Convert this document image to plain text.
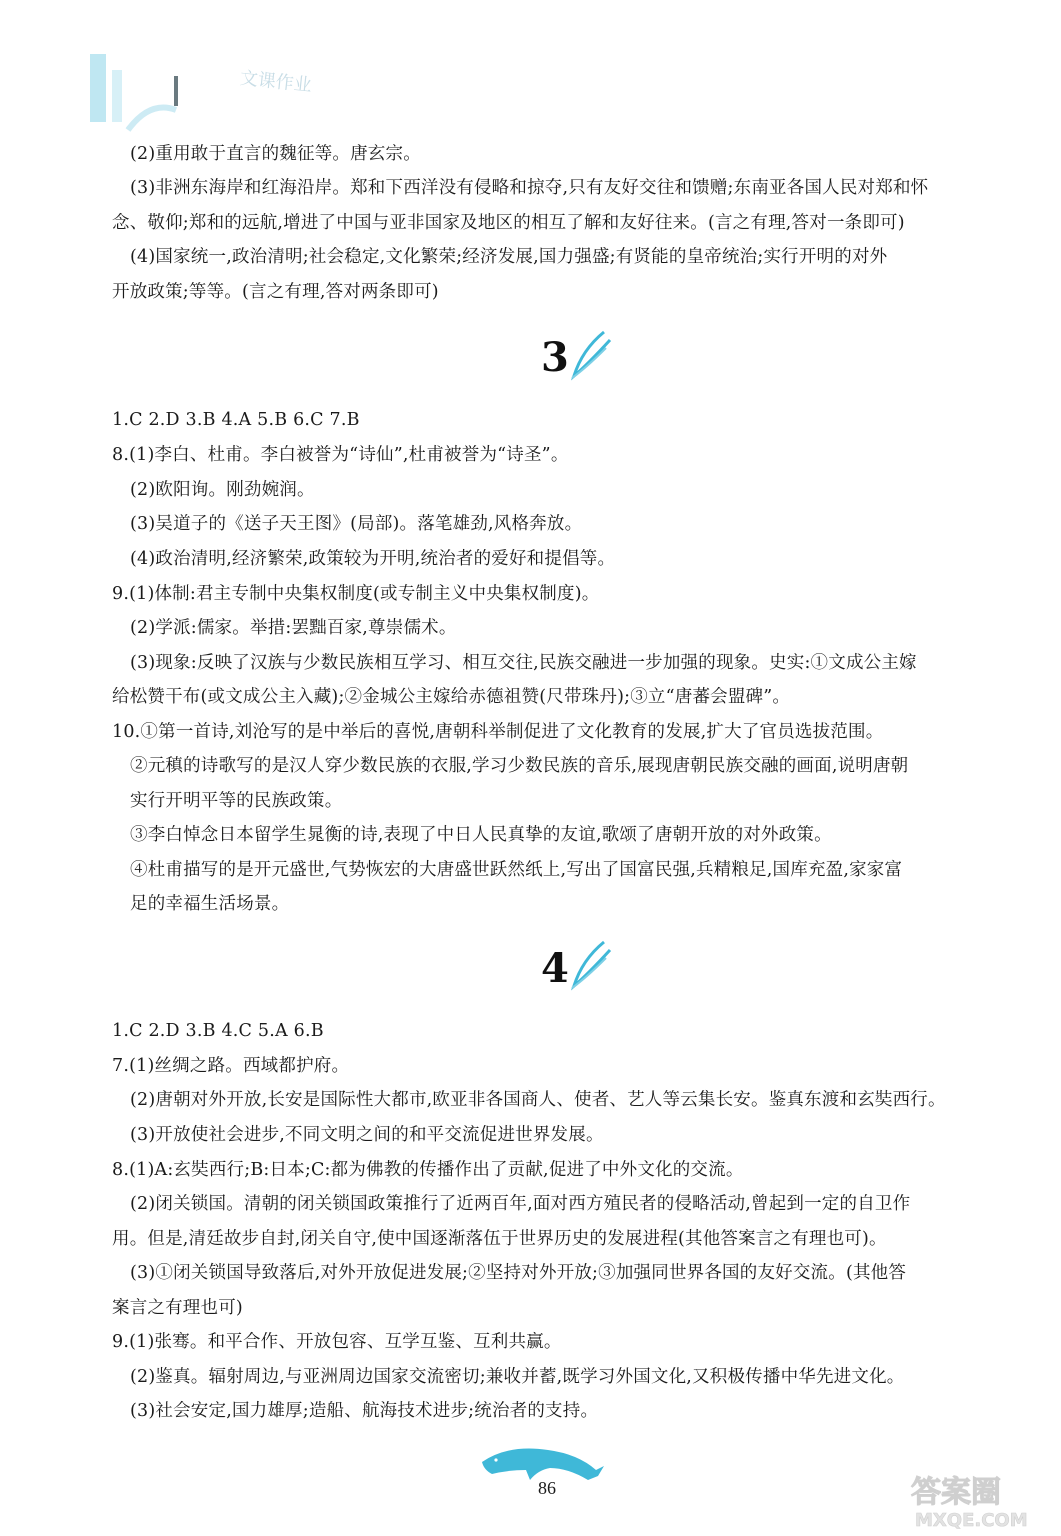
文课作业
(2)重用敢于直言的魏征等。唐玄宗。
(3)非洲东海岸和红海沿岸。郑和下西洋没有侵略和掠夺,只有友好交往和馈赠;东南亚各国人民对郑和怀
念、敬仰;郑和的远航,增进了中国与亚非国家及地区的相互了解和友好往来。(言之有理,答对一条即可)
(4)国家统一,政治清明;社会稳定,文化繁荣;经济发展,国力强盛;有贤能的皇帝统治;实行开明的对外
开放政策;等等。(言之有理,答对两条即可)
3
1.C 2.D 3.B 4.A 5.B 6.C 7.B
8.(1)李白、杜甫。李白被誉为“诗仙”,杜甫被誉为“诗圣”。
(2)欧阳询。刚劲婉润。
(3)吴道子的《送子天王图》(局部)。落笔雄劲,风格奔放。
(4)政治清明,经济繁荣,政策较为开明,统治者的爱好和提倡等。
9.(1)体制:君主专制中央集权制度(或专制主义中央集权制度)。
(2)学派:儒家。举措:罢黜百家,尊崇儒术。
(3)现象:反映了汉族与少数民族相互学习、相互交往,民族交融进一步加强的现象。史实:①文成公主嫁
给松赞干布(或文成公主入藏);②金城公主嫁给赤德祖赞(尺带珠丹);③立“唐蕃会盟碑”。
10.①第一首诗,刘沧写的是中举后的喜悦,唐朝科举制促进了文化教育的发展,扩大了官员选拔范围。
②元稹的诗歌写的是汉人穿少数民族的衣服,学习少数民族的音乐,展现唐朝民族交融的画面,说明唐朝
实行开明平等的民族政策。
③李白悼念日本留学生晁衡的诗,表现了中日人民真挚的友谊,歌颂了唐朝开放的对外政策。
④杜甫描写的是开元盛世,气势恢宏的大唐盛世跃然纸上,写出了国富民强,兵精粮足,国库充盈,家家富
足的幸福生活场景。
4
1.C 2.D 3.B 4.C 5.A 6.B
7.(1)丝绸之路。西域都护府。
(2)唐朝对外开放,长安是国际性大都市,欧亚非各国商人、使者、艺人等云集长安。鉴真东渡和玄奘西行。
(3)开放使社会进步,不同文明之间的和平交流促进世界发展。
8.(1)A:玄奘西行;B:日本;C:都为佛教的传播作出了贡献,促进了中外文化的交流。
(2)闭关锁国。清朝的闭关锁国政策推行了近两百年,面对西方殖民者的侵略活动,曾起到一定的自卫作
用。但是,清廷故步自封,闭关自守,使中国逐渐落伍于世界历史的发展进程(其他答案言之有理也可)。
(3)①闭关锁国导致落后,对外开放促进发展;②坚持对外开放;③加强同世界各国的友好交流。(其他答
案言之有理也可)
9.(1)张骞。和平合作、开放包容、互学互鉴、互利共赢。
(2)鉴真。辐射周边,与亚洲周边国家交流密切;兼收并蓄,既学习外国文化,又积极传播中华先进文化。
(3)社会安定,国力雄厚;造船、航海技术进步;统治者的支持。
86	答案圈
MXQE.COM
